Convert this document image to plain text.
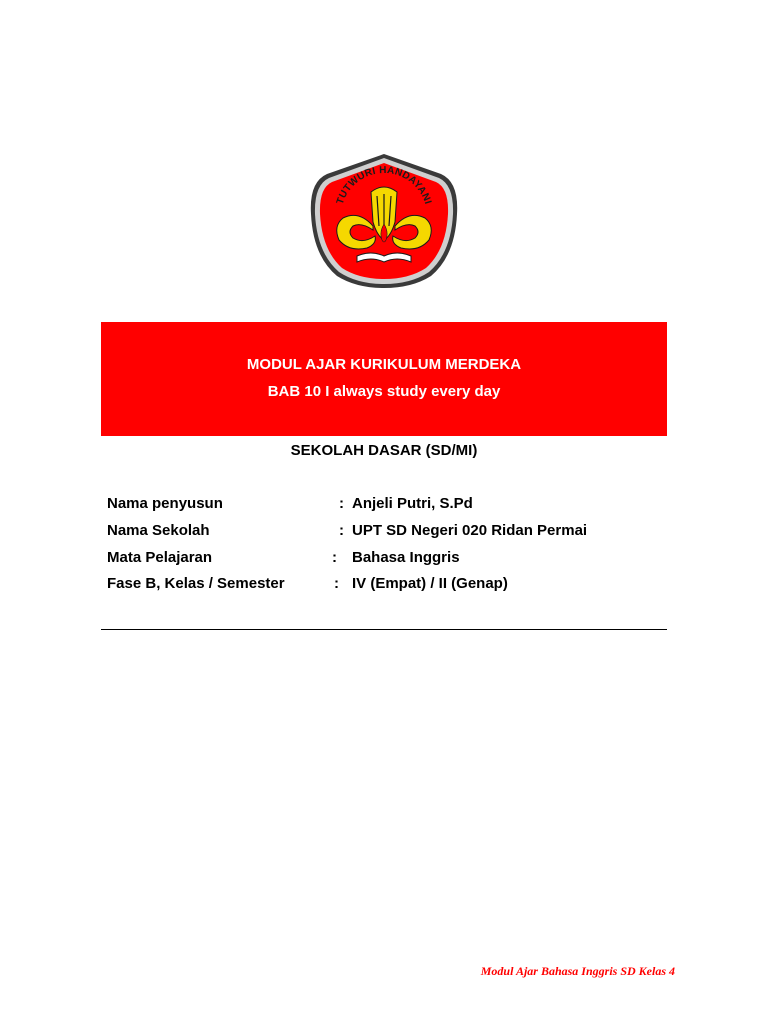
TUTWURI HANDAYANI
MODUL AJAR KURIKULUM MERDEKA
BAB 10 I always study every day
SEKOLAH DASAR (SD/MI)
Nama penyusun	: Anjeli Putri, S.Pd
Nama Sekolah	: UPT SD Negeri 020 Ridan Permai
Mata Pelajaran	: Bahasa Inggris
Fase B, Kelas / Semester	: IV (Empat) / II (Genap)
Modul Ajar Bahasa Inggris SD Kelas 4
